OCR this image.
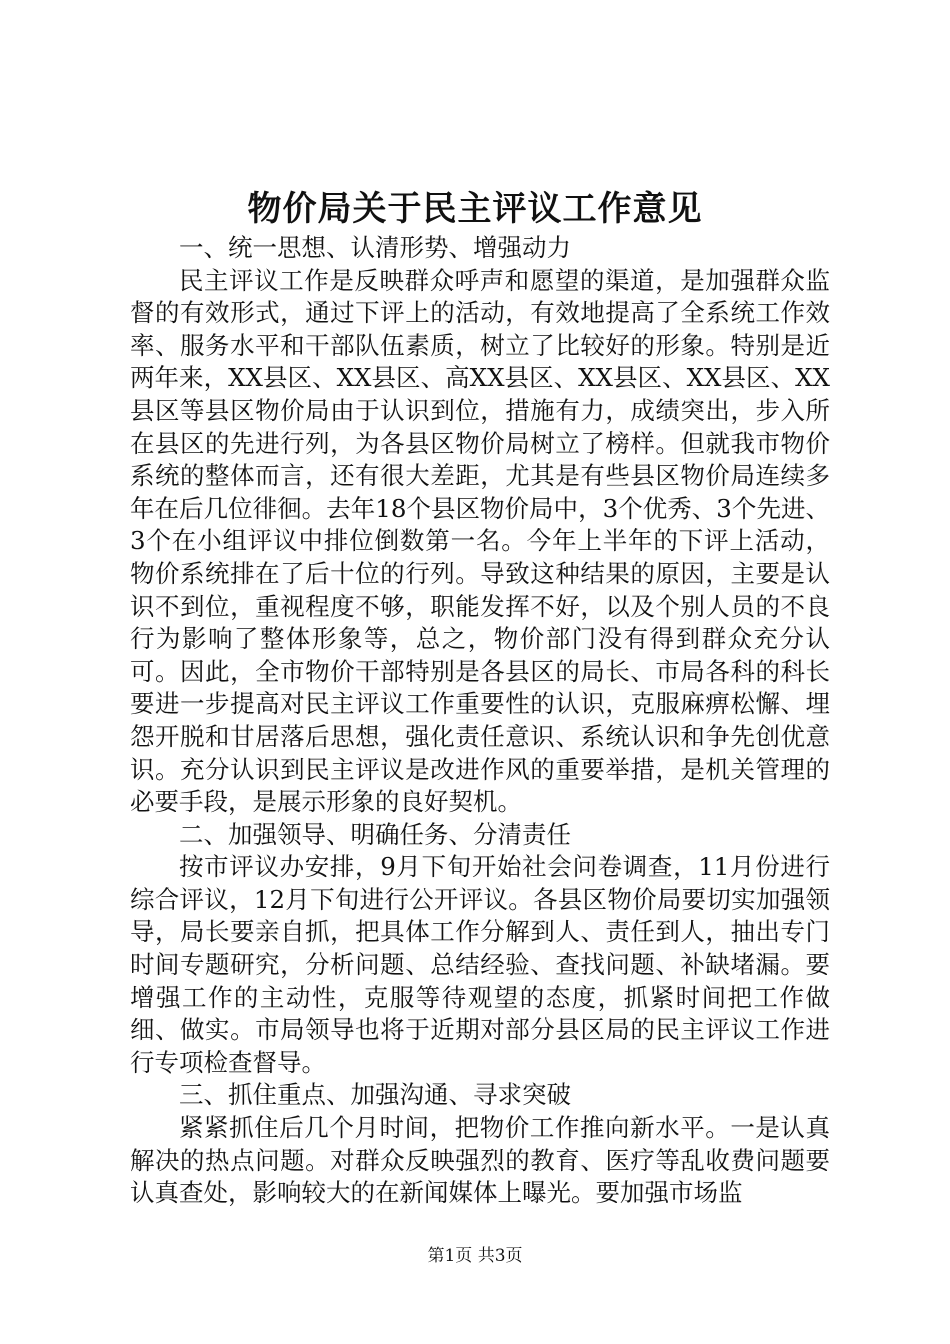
物价局关于民主评议工作意见

一、统一思想、认清形势、增强动力

民主评议工作是反映群众呼声和愿望的渠道，是加强群众监督的有效形式，通过下评上的活动，有效地提高了全系统工作效率、服务水平和干部队伍素质，树立了比较好的形象。特别是近两年来，XX县区、XX县区、高XX县区、XX县区、XX县区、XX县区等县区物价局由于认识到位，措施有力，成绩突出，步入所在县区的先进行列，为各县区物价局树立了榜样。但就我市物价系统的整体而言，还有很大差距，尤其是有些县区物价局连续多年在后几位徘徊。去年18个县区物价局中，3个优秀、3个先进、3个在小组评议中排位倒数第一名。今年上半年的下评上活动，物价系统排在了后十位的行列。导致这种结果的原因，主要是认识不到位，重视程度不够，职能发挥不好，以及个别人员的不良行为影响了整体形象等，总之，物价部门没有得到群众充分认可。因此，全市物价干部特别是各县区的局长、市局各科的科长要进一步提高对民主评议工作重要性的认识，克服麻痹松懈、埋怨开脱和甘居落后思想，强化责任意识、系统认识和争先创优意识。充分认识到民主评议是改进作风的重要举措，是机关管理的必要手段，是展示形象的良好契机。

二、加强领导、明确任务、分清责任

按市评议办安排，9月下旬开始社会问卷调查，11月份进行综合评议，12月下旬进行公开评议。各县区物价局要切实加强领导，局长要亲自抓，把具体工作分解到人、责任到人，抽出专门时间专题研究，分析问题、总结经验、查找问题、补缺堵漏。要增强工作的主动性，克服等待观望的态度，抓紧时间把工作做细、做实。市局领导也将于近期对部分县区局的民主评议工作进行专项检查督导。

三、抓住重点、加强沟通、寻求突破

紧紧抓住后几个月时间，把物价工作推向新水平。一是认真解决的热点问题。对群众反映强烈的教育、医疗等乱收费问题要认真查处，影响较大的在新闻媒体上曝光。要加强市场监

第1页 共3页
